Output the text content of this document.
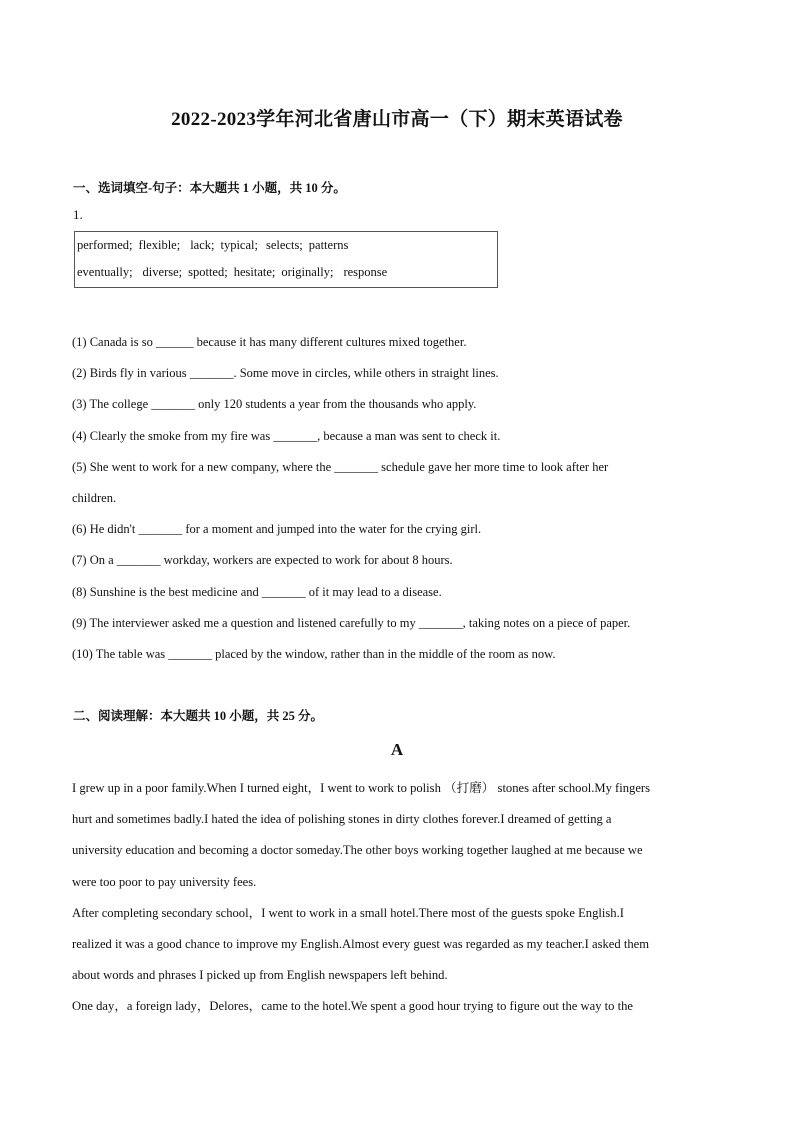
2022-2023学年河北省唐山市高一（下）期末英语试卷
一、选词填空-句子：本大题共 1 小题，共 10 分。
1.
performed; flexible; lack; typical; selects; patterns
eventually; diverse; spotted; hesitate; originally; response
(1) Canada is so ______ because it has many different cultures mixed together.
(2) Birds fly in various _______. Some move in circles, while others in straight lines.
(3) The college _______ only 120 students a year from the thousands who apply.
(4) Clearly the smoke from my fire was _______, because a man was sent to check it.
(5) She went to work for a new company, where the _______ schedule gave her more time to look after her
children.
(6) He didn't _______ for a moment and jumped into the water for the crying girl.
(7) On a _______ workday, workers are expected to work for about 8 hours.
(8) Sunshine is the best medicine and _______ of it may lead to a disease.
(9) The interviewer asked me a question and listened carefully to my _______, taking notes on a piece of paper.
(10) The table was _______ placed by the window, rather than in the middle of the room as now.
二、阅读理解：本大题共 10 小题，共 25 分。
A
I grew up in a poor family.When I turned eight，I went to work to polish （打磨） stones after school.My fingers
hurt and sometimes badly.I hated the idea of polishing stones in dirty clothes forever.I dreamed of getting a
university education and becoming a doctor someday.The other boys working together laughed at me because we
were too poor to pay university fees.
After completing secondary school，I went to work in a small hotel.There most of the guests spoke English.I
realized it was a good chance to improve my English.Almost every guest was regarded as my teacher.I asked them
about words and phrases I picked up from English newspapers left behind.
One day，a foreign lady，Delores，came to the hotel.We spent a good hour trying to figure out the way to the
